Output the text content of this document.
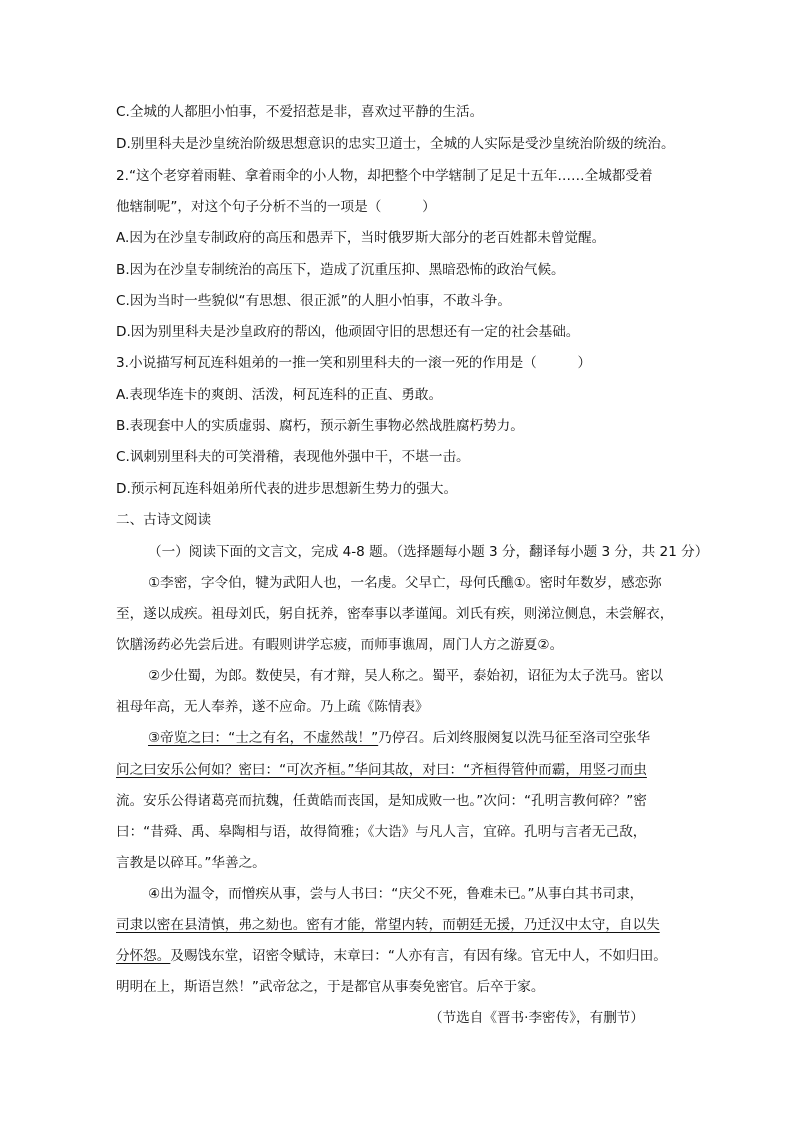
C.全城的人都胆小怕事，不爱招惹是非，喜欢过平静的生活。
D.别里科夫是沙皇统治阶级思想意识的忠实卫道士，全城的人实际是受沙皇统治阶级的统治。
2.“这个老穿着雨鞋、拿着雨伞的小人物，却把整个中学辖制了足足十五年……全城都受着
他辖制呢”，对这个句子分析不当的一项是（　　　）
A.因为在沙皇专制政府的高压和愚弄下，当时俄罗斯大部分的老百姓都未曾觉醒。
B.因为在沙皇专制统治的高压下，造成了沉重压抑、黑暗恐怖的政治气候。
C.因为当时一些貌似“有思想、很正派”的人胆小怕事，不敢斗争。
D.因为别里科夫是沙皇政府的帮凶，他顽固守旧的思想还有一定的社会基础。
3.小说描写柯瓦连科姐弟的一推一笑和别里科夫的一滚一死的作用是（　　　）
A.表现华连卡的爽朗、活泼，柯瓦连科的正直、勇敢。
B.表现套中人的实质虚弱、腐朽，预示新生事物必然战胜腐朽势力。
C.讽刺别里科夫的可笑滑稽，表现他外强中干，不堪一击。
D.预示柯瓦连科姐弟所代表的进步思想新生势力的强大。
二、古诗文阅读
（一）阅读下面的文言文，完成 4-8 题。（选择题每小题 3 分，翻译每小题 3 分，共 21 分）
①李密，字令伯，犍为武阳人也，一名虔。父早亡，母何氏醮①。密时年数岁，感恋弥
至，遂以成疾。祖母刘氏，躬自抚养，密奉事以孝谨闻。刘氏有疾，则涕泣侧息，未尝解衣，
饮膳汤药必先尝后进。有暇则讲学忘疲，而师事谯周，周门人方之游夏②。
②少仕蜀，为郎。数使吴，有才辩，吴人称之。蜀平，泰始初，诏征为太子洗马。密以
祖母年高，无人奉养，遂不应命。乃上疏《陈情表》
③帝览之曰：“士之有名，不虚然哉！”乃停召。后刘终服阕复以洗马征至洛司空张华
问之曰安乐公何如？密曰：“可次齐桓。”华问其故，对曰：“齐桓得管仲而霸，用竖刁而虫
流。安乐公得诸葛亮而抗魏，任黄皓而丧国，是知成败一也。”次问：“孔明言教何碎？”密
曰：“昔舜、禹、皋陶相与语，故得简雅；《大诰》与凡人言，宜碎。孔明与言者无己敌，
言教是以碎耳。”华善之。
④出为温令，而憎疾从事，尝与人书曰：“庆父不死，鲁难未已。”从事白其书司隶，
司隶以密在县清慎，弗之劾也。密有才能，常望内转，而朝廷无援，乃迁汉中太守，自以失
分怀怨。及赐饯东堂，诏密令赋诗，末章曰：“人亦有言，有因有缘。官无中人，不如归田。
明明在上，斯语岂然！”武帝忿之，于是都官从事奏免密官。后卒于家。
（节选自《晋书·李密传》，有删节）
